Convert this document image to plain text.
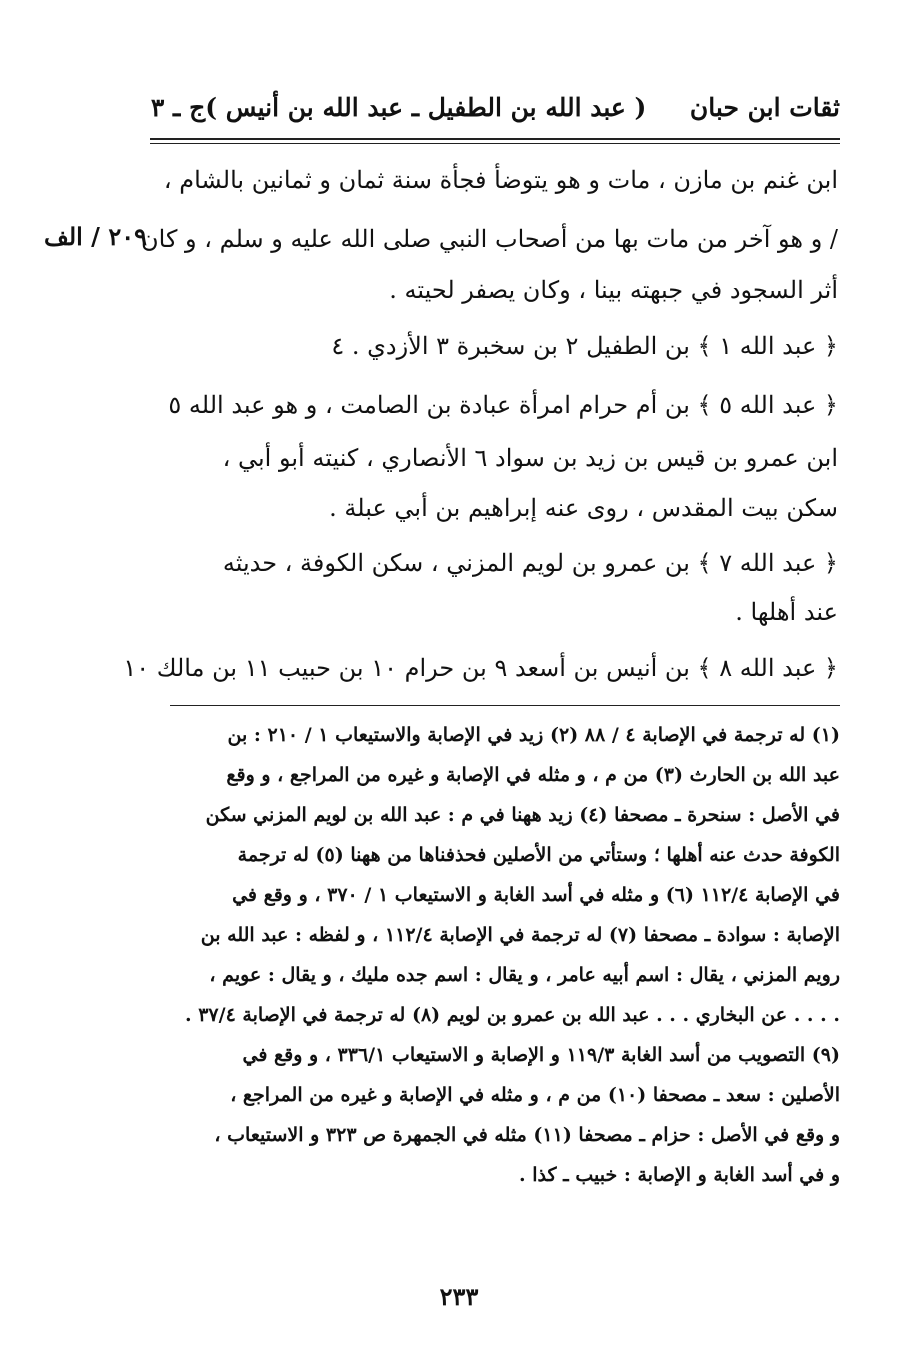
ثقات ابن حبان     ( عبد الله بن الطفيل ـ عبد الله بن أنيس )
ج ـ ٣
٢٠٩ / الف
ابن غنم بن مازن ، مات و هو يتوضأ فجأة سنة ثمان و ثمانين بالشام ،
/ و هو آخر من مات بها من أصحاب النبي صلى الله عليه و سلم ، و كان
أثر السجود في جبهته بينا ، وكان يصفر لحيته .
﴿ عبد الله ١ ﴾ بن الطفيل ٢ بن سخبرة ٣ الأزدي . ٤
﴿ عبد الله ٥ ﴾ بن أم حرام امرأة عبادة بن الصامت ، و هو عبد الله ٥
ابن عمرو بن قيس بن زيد بن سواد ٦ الأنصاري ، كنيته أبو أبي ،
سكن بيت المقدس ، روى عنه إبراهيم بن أبي عبلة .
﴿ عبد الله ٧ ﴾ بن عمرو بن لويم المزني ، سكن الكوفة ، حديثه
عند أهلها .
﴿ عبد الله ٨ ﴾ بن أنيس بن أسعد ٩ بن حرام ١٠ بن حبيب ١١ بن مالك ١٠
(١) له ترجمة في الإصابة ٤ / ٨٨ (٢) زيد في الإصابة والاستيعاب ١ / ٢١٠ : بن
عبد الله بن الحارث (٣) من م ، و مثله في الإصابة و غيره من المراجع ، و وقع
في الأصل : سنحرة ـ مصحفا (٤) زيد ههنا في م : عبد الله بن لويم المزني سكن
الكوفة حدث عنه أهلها ؛ وستأتي من الأصلين فحذفناها من ههنا (٥) له ترجمة
في الإصابة ١١٢/٤ (٦) و مثله في أسد الغابة و الاستيعاب ١ / ٣٧٠ ، و وقع في
الإصابة : سوادة ـ مصحفا (٧) له ترجمة في الإصابة ١١٢/٤ ، و لفظه : عبد الله بن
رويم المزني ، يقال : اسم أبيه عامر ، و يقال : اسم جده مليك ، و يقال : عويم ،
. . . . عن البخاري . . . عبد الله بن عمرو بن لويم (٨) له ترجمة في الإصابة ٣٧/٤ .
(٩) التصويب من أسد الغابة ١١٩/٣ و الإصابة و الاستيعاب ٣٣٦/١ ، و وقع في
الأصلين : سعد ـ مصحفا (١٠) من م ، و مثله في الإصابة و غيره من المراجع ،
و وقع في الأصل : حزام ـ مصحفا (١١) مثله في الجمهرة ص ٣٢٣ و الاستيعاب ،
و في أسد الغابة و الإصابة : خبيب ـ كذا .
٢٣٣
